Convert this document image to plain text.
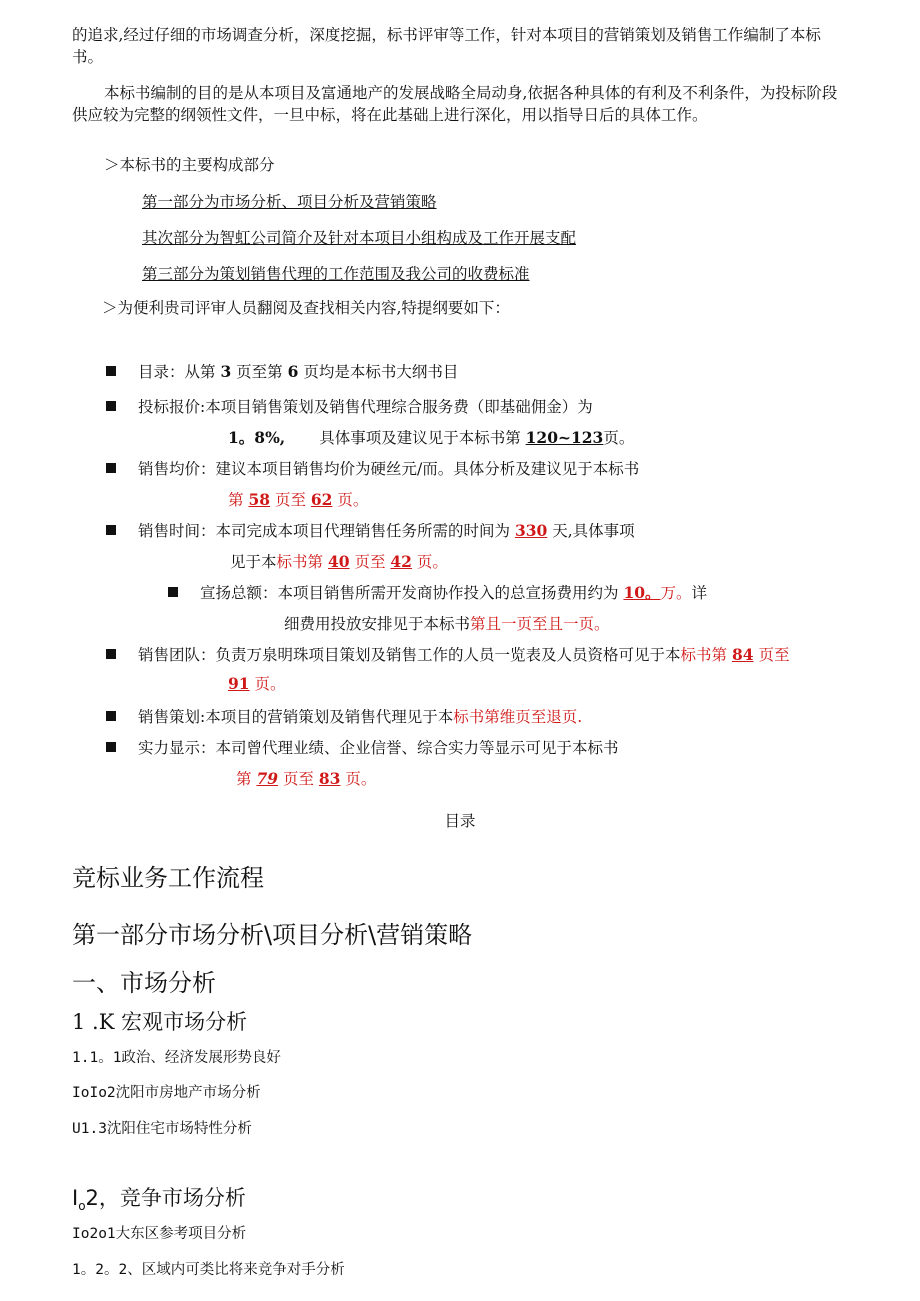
的追求,经过仔细的市场调查分析，深度挖掘，标书评审等工作，针对本项目的营销策划及销售工作编制了本标书。
本标书编制的目的是从本项目及富通地产的发展战略全局动身,依据各种具体的有利及不利条件，为投标阶段供应较为完整的纲领性文件，一旦中标，将在此基础上进行深化，用以指导日后的具体工作。
＞本标书的主要构成部分
第一部分为市场分析、项目分析及营销策略
其次部分为智虹公司简介及针对本项目小组构成及工作开展支配
第三部分为策划销售代理的工作范围及我公司的收费标准
＞为便利贵司评审人员翻阅及查找相关内容,特提纲要如下：
目录：从第 3 页至第 6 页均是本标书大纲书目
投标报价:本项目销售策划及销售代理综合服务费（即基础佣金）为
1。8%, 具体事项及建议见于本标书第 120~123页。
销售均价：建议本项目销售均价为硬丝元/而。具体分析及建议见于本标书
第 58 页至 62 页。
销售时间：本司完成本项目代理销售任务所需的时间为 330 天,具体事项
见于本标书第 40 页至 42 页。
宣扬总额：本项目销售所需开发商协作投入的总宣扬费用约为 10。万。详
细费用投放安排见于本标书第且一页至且一页。
销售团队：负责万泉明珠项目策划及销售工作的人员一览表及人员资格可见于本标书第 84 页至
91 页。
销售策划:本项目的营销策划及销售代理见于本标书第维页至退页.
实力显示：本司曾代理业绩、企业信誉、综合实力等显示可见于本标书
第 79 页至 83 页。
目录
竞标业务工作流程
第一部分市场分析\项目分析\营销策略
一、市场分析
1 .K 宏观市场分析
1.1。1政治、经济发展形势良好
IoIo2沈阳市房地产市场分析
U1.3沈阳住宅市场特性分析
$I_o2$，竞争市场分析
Io2o1大东区参考项目分析
1。2。2、区域内可类比将来竞争对手分析
